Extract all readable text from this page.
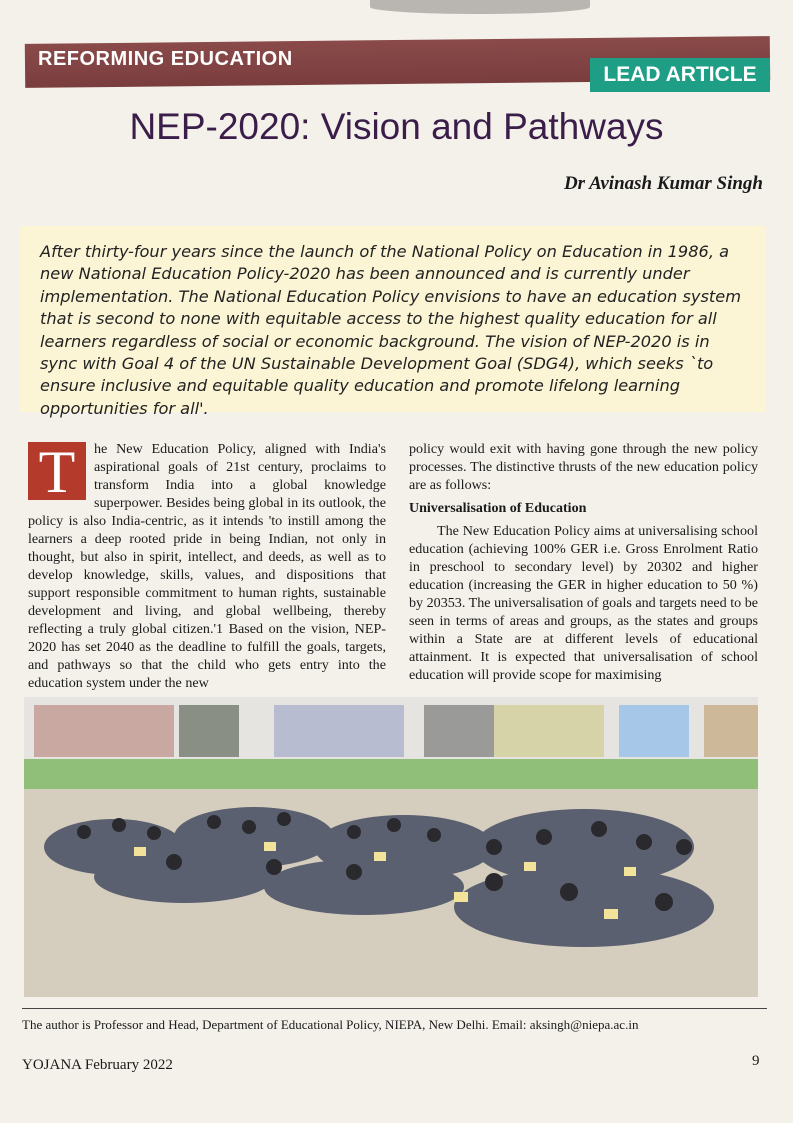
REFORMING EDUCATION
LEAD ARTICLE
NEP-2020: Vision and Pathways
Dr Avinash Kumar Singh
After thirty-four years since the launch of the National Policy on Education in 1986, a new National Education Policy-2020 has been announced and is currently under implementation. The National Education Policy envisions to have an education system that is second to none with equitable access to the highest quality education for all learners regardless of social or economic background. The vision of NEP-2020 is in sync with Goal 4 of the UN Sustainable Development Goal (SDG4), which seeks `to ensure inclusive and equitable quality education and promote lifelong learning opportunities for all'.
T	he New Education Policy, aligned with India's aspirational goals of 21st century, proclaims to transform India into a global knowledge superpower. Besides being global in its outlook, the policy is also India-centric, as it intends 'to instill among the learners a deep rooted pride in being Indian, not only in thought, but also in spirit, intellect, and deeds, as well as to develop knowledge, skills, values, and dispositions that support responsible commitment to human rights, sustainable development and living, and global wellbeing, thereby reflecting a truly global citizen.'1 Based on the vision, NEP-2020 has set 2040 as the deadline to fulfill the goals, targets, and pathways so that the child who gets entry into the education system under the new

policy would exit with having gone through the new policy processes. The distinctive thrusts of the new education policy are as follows:

Universalisation of Education

The New Education Policy aims at universalising school education (achieving 100% GER i.e. Gross Enrolment Ratio in preschool to secondary level) by 20302 and higher education (increasing the GER in higher education to 50 %) by 20353. The universalisation of goals and targets need to be seen in terms of areas and groups, as the states and groups within a State are at different levels of educational attainment. It is expected that universalisation of school education will provide scope for maximising

The author is Professor and Head, Department of Educational Policy, NIEPA, New Delhi. Email: aksingh@niepa.ac.in
YOJANA February 2022	9
